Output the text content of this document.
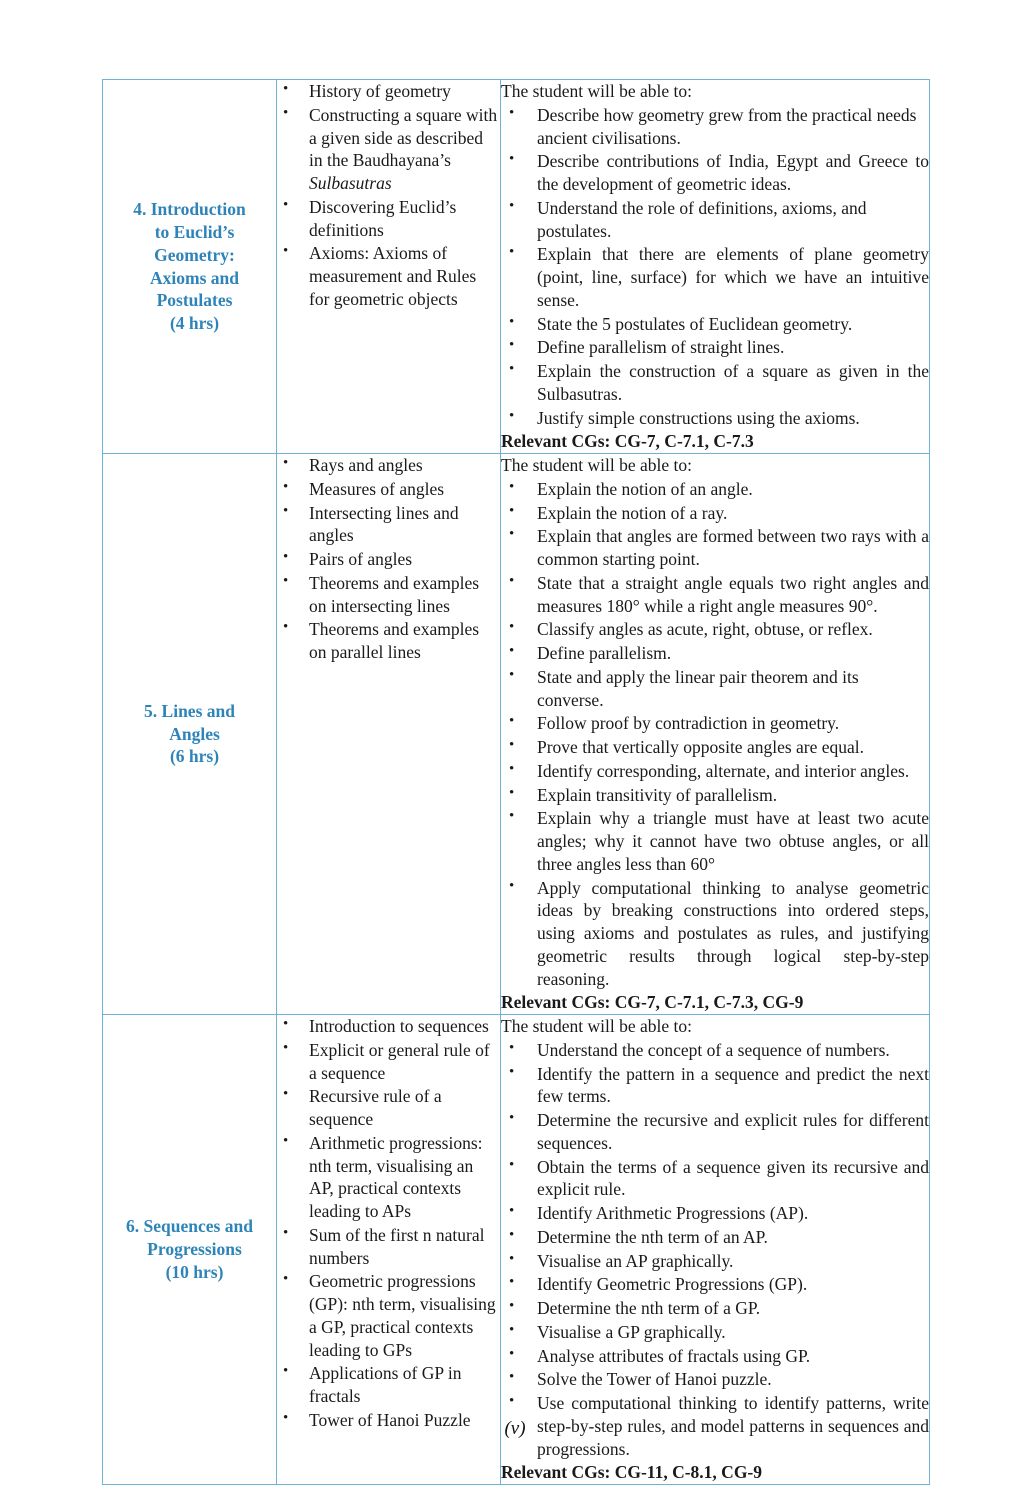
4. Introduction
to Euclid’s
Geometry:
Axioms and
Postulates
(4 hrs)

• History of geometry
• Constructing a square with a given side as described in the Baudhayana’s Sulbasutras
• Discovering Euclid’s definitions
• Axioms: Axioms of measurement and Rules for geometric objects

The student will be able to:

• Describe how geometry grew from the practical needs ancient civilisations.
• Describe contributions of India, Egypt and Greece to the development of geometric ideas.
• Understand the role of definitions, axioms, and postulates.
• Explain that there are elements of plane geometry (point, line, surface) for which we have an intuitive sense.
• State the 5 postulates of Euclidean geometry.
• Define parallelism of straight lines.
• Explain the construction of a square as given in the Sulbasutras.
• Justify simple constructions using the axioms.
Relevant CGs: CG-7, C-7.1, C-7.3

5. Lines and
Angles
(6 hrs)

• Rays and angles
• Measures of angles
• Intersecting lines and angles
• Pairs of angles
• Theorems and examples on intersecting lines
• Theorems and examples on parallel lines

The student will be able to:

• Explain the notion of an angle.
• Explain the notion of a ray.
• Explain that angles are formed between two rays with a common starting point.
• State that a straight angle equals two right angles and measures 180° while a right angle measures 90°.
• Classify angles as acute, right, obtuse, or reflex.
• Define parallelism.
• State and apply the linear pair theorem and its converse.
• Follow proof by contradiction in geometry.
• Prove that vertically opposite angles are equal.
• Identify corresponding, alternate, and interior angles.
• Explain transitivity of parallelism.
• Explain why a triangle must have at least two acute angles; why it cannot have two obtuse angles, or all three angles less than 60°
• Apply computational thinking to analyse geometric ideas by breaking constructions into ordered steps, using axioms and postulates as rules, and justifying geometric results through logical step-by-step reasoning.
Relevant CGs: CG-7, C-7.1, C-7.3, CG-9

6. Sequences and
Progressions
(10 hrs)

• Introduction to sequences
• Explicit or general rule of a sequence
• Recursive rule of a sequence
• Arithmetic progressions: nth term, visualising an AP, practical contexts leading to APs
• Sum of the first n natural numbers
• Geometric progressions (GP): nth term, visualising a GP, practical contexts leading to GPs
• Applications of GP in fractals
• Tower of Hanoi Puzzle

The student will be able to:

• Understand the concept of a sequence of numbers.
• Identify the pattern in a sequence and predict the next few terms.
• Determine the recursive and explicit rules for different sequences.
• Obtain the terms of a sequence given its recursive and explicit rule.
• Identify Arithmetic Progressions (AP).
• Determine the nth term of an AP.
• Visualise an AP graphically.
• Identify Geometric Progressions (GP).
• Determine the nth term of a GP.
• Visualise a GP graphically.
• Analyse attributes of fractals using GP.
• Solve the Tower of Hanoi puzzle.
• Use computational thinking to identify patterns, write step-by-step rules, and model patterns in sequences and progressions.
Relevant CGs: CG-11, C-8.1, CG-9
(v)
